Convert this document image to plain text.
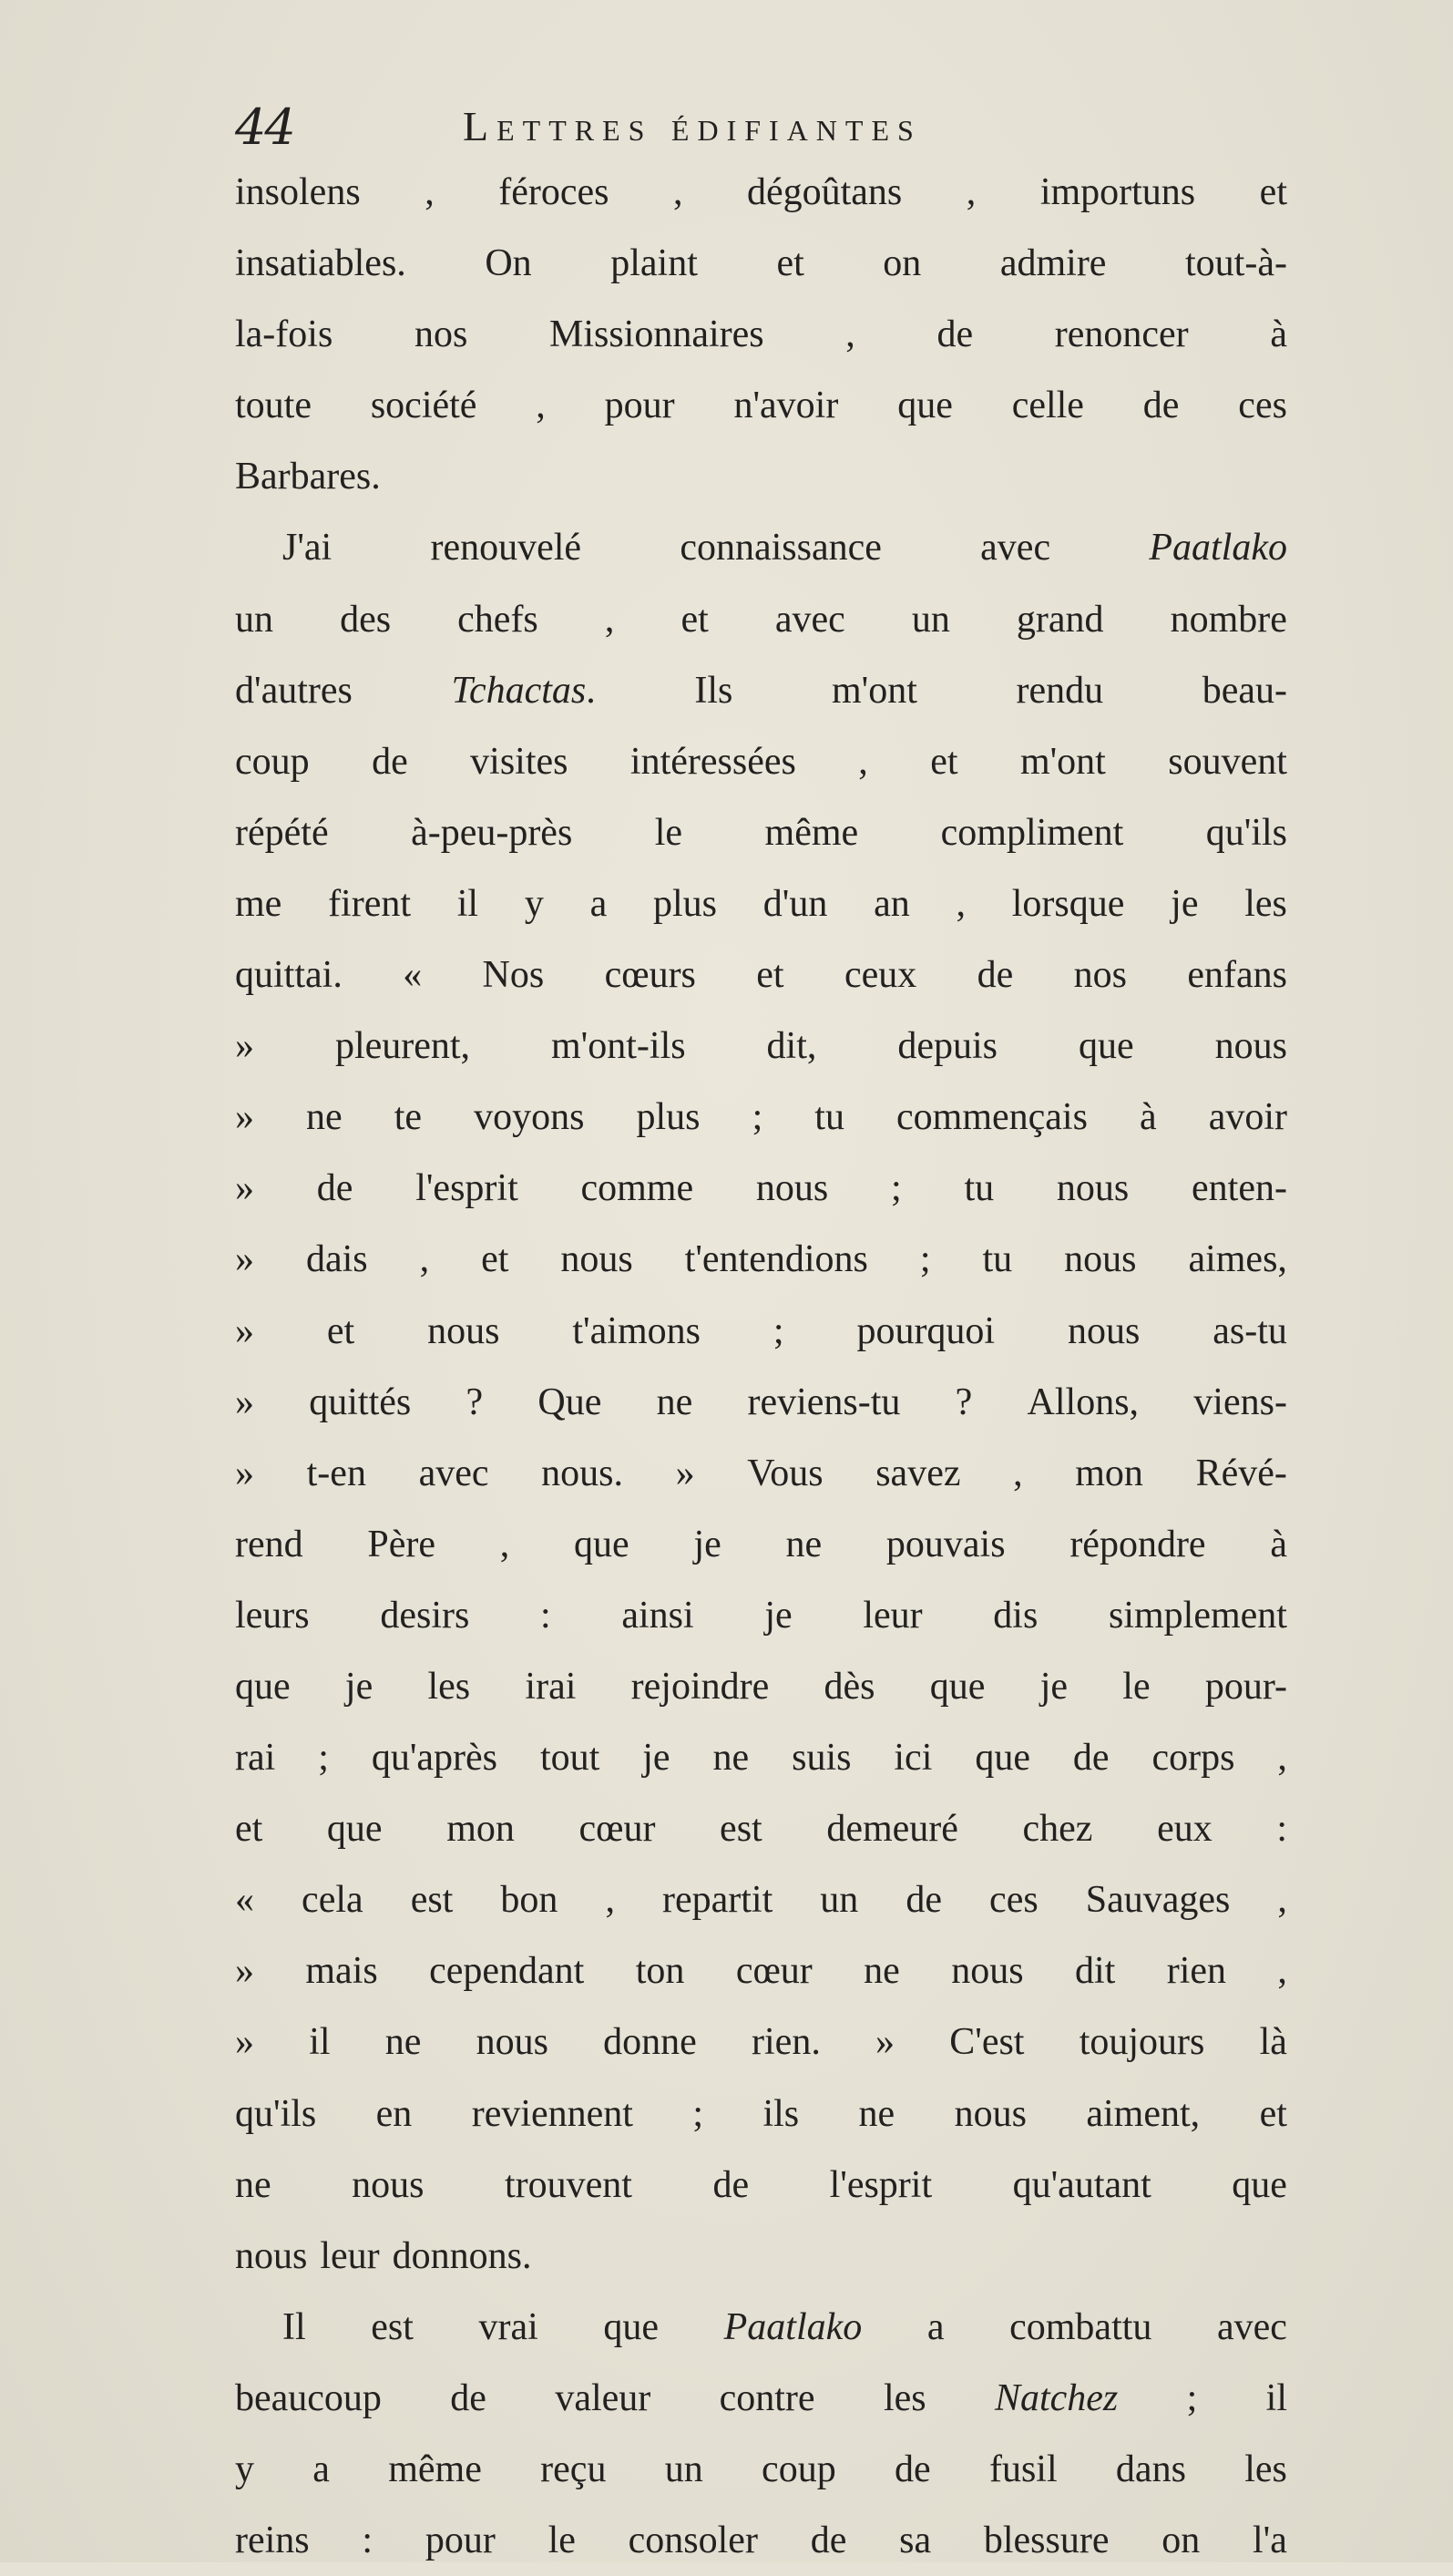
44	Lettres édifiantes
insolens , féroces , dégoûtans , importuns et
insatiables. On plaint et on admire tout-à-
la-fois nos Missionnaires , de renoncer à
toute société , pour n'avoir que celle de ces
Barbares.
J'ai	renouvelé	connaissance	avec	Paatlako
un des chefs , et avec un grand nombre
d'autres	Tchactas.	Ils	m'ont	rendu	beau-
coup de visites intéressées , et m'ont souvent
répété à-peu-près le même compliment qu'ils
me firent il y a plus d'un an , lorsque je les
quittai. « Nos cœurs et ceux de nos enfans
» pleurent, m'ont-ils dit, depuis que nous
» ne te voyons plus ; tu commençais à avoir
» de l'esprit comme nous ; tu nous enten-
» dais , et nous t'entendions ; tu nous aimes,
» et nous t'aimons ; pourquoi nous as-tu
» quittés ? Que ne reviens-tu ? Allons, viens-
» t-en avec nous. » Vous savez , mon Révé-
rend Père , que je ne pouvais répondre à
leurs desirs : ainsi je leur dis simplement
que je les irai rejoindre dès que je le pour-
rai ; qu'après tout je ne suis ici que de corps ,
et que mon cœur est demeuré chez eux :
« cela est bon , repartit un de ces Sauvages ,
» mais cependant ton cœur ne nous dit rien ,
» il ne nous donne rien. » C'est toujours là
qu'ils en reviennent ; ils ne nous aiment, et
ne nous trouvent de l'esprit qu'autant que
nous leur donnons.
Il est vrai que Paatlako a combattu avec
beaucoup de valeur contre les Natchez ; il
y a même reçu un coup de fusil dans les
reins : pour le consoler de sa blessure on l'a
